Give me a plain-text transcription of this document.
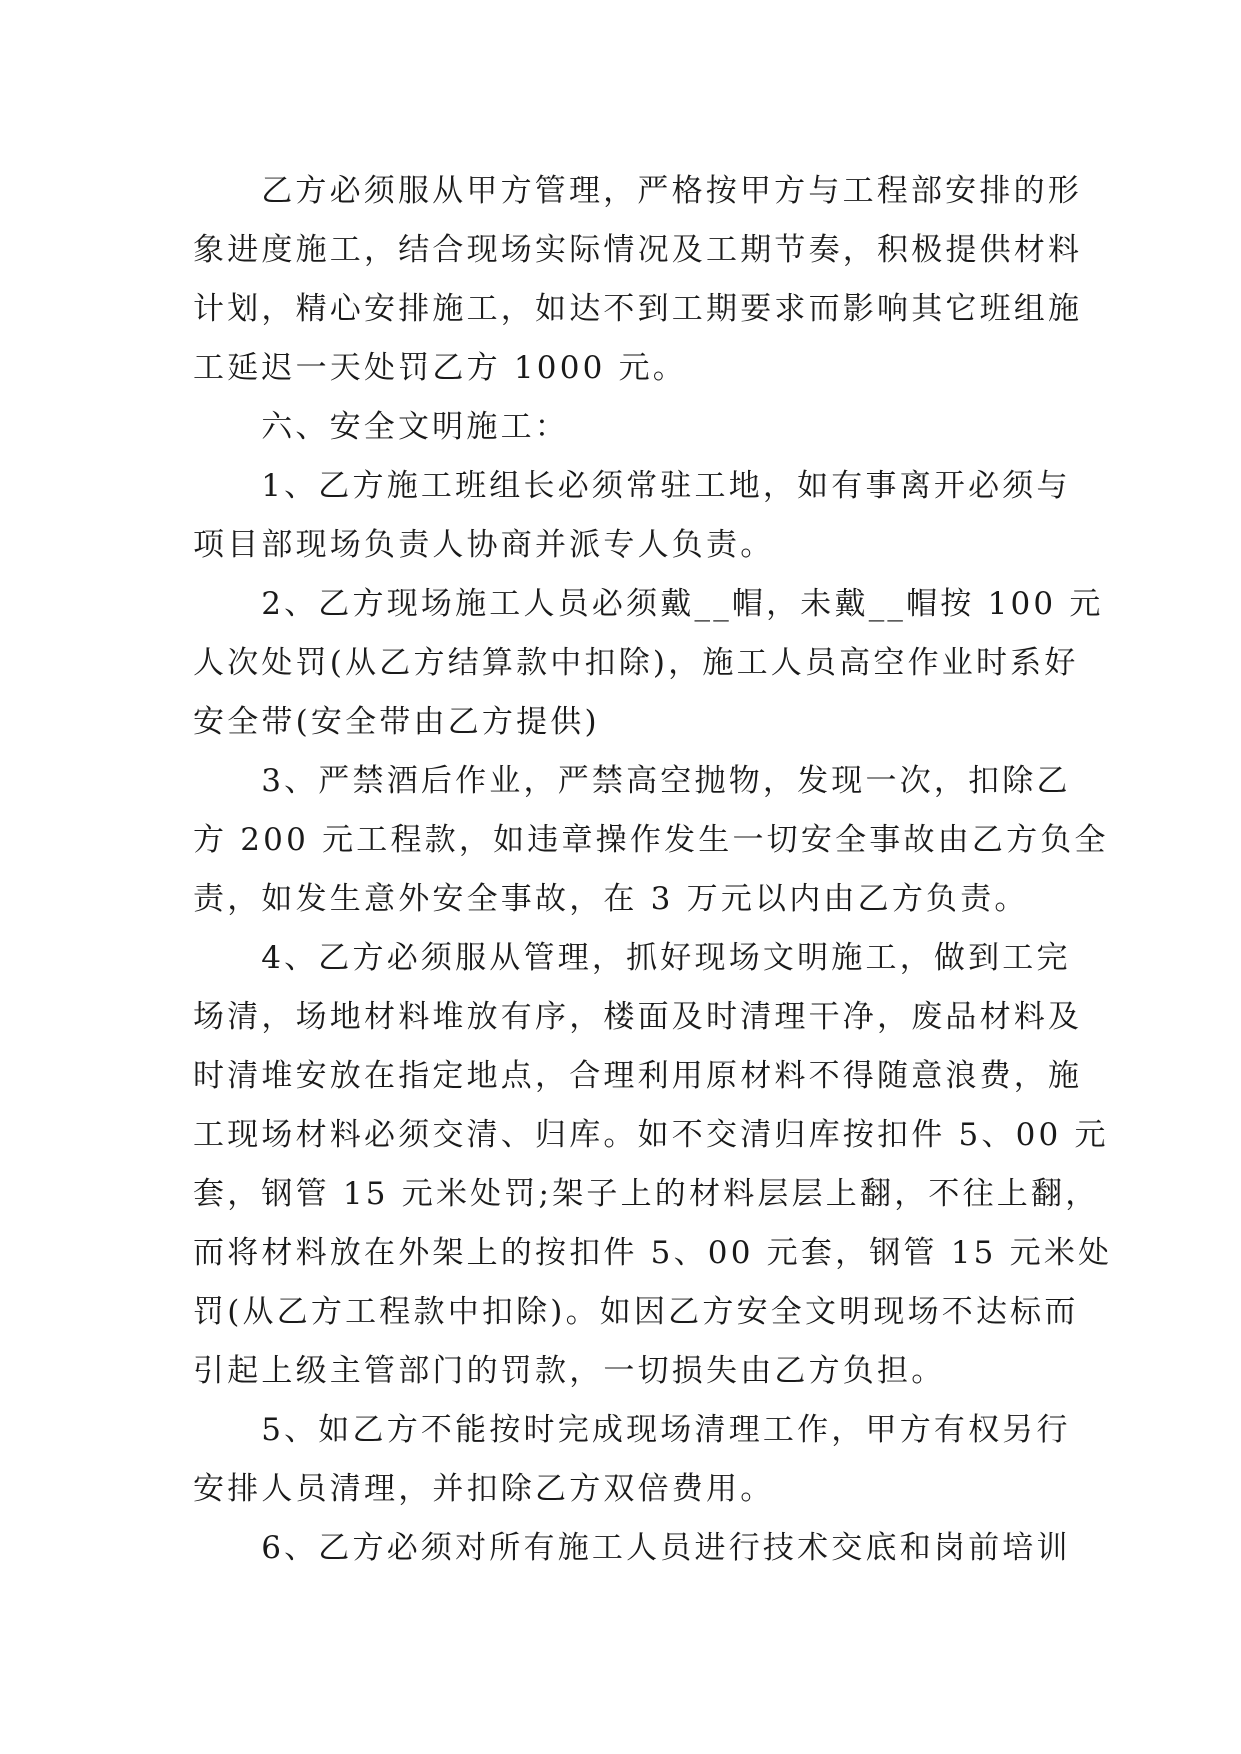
乙方必须服从甲方管理，严格按甲方与工程部安排的形
象进度施工，结合现场实际情况及工期节奏，积极提供材料
计划，精心安排施工，如达不到工期要求而影响其它班组施
工延迟一天处罚乙方 1000 元。
六、安全文明施工：
1、乙方施工班组长必须常驻工地，如有事离开必须与
项目部现场负责人协商并派专人负责。
2、乙方现场施工人员必须戴__帽，未戴__帽按 100 元
人次处罚(从乙方结算款中扣除)，施工人员高空作业时系好
安全带(安全带由乙方提供)
3、严禁酒后作业，严禁高空抛物，发现一次，扣除乙
方 200 元工程款，如违章操作发生一切安全事故由乙方负全
责，如发生意外安全事故，在 3 万元以内由乙方负责。
4、乙方必须服从管理，抓好现场文明施工，做到工完
场清，场地材料堆放有序，楼面及时清理干净，废品材料及
时清堆安放在指定地点，合理利用原材料不得随意浪费，施
工现场材料必须交清、归库。如不交清归库按扣件 5、00 元
套，钢管 15 元米处罚;架子上的材料层层上翻，不往上翻，
而将材料放在外架上的按扣件 5、00 元套，钢管 15 元米处
罚(从乙方工程款中扣除)。如因乙方安全文明现场不达标而
引起上级主管部门的罚款，一切损失由乙方负担。
5、如乙方不能按时完成现场清理工作，甲方有权另行
安排人员清理，并扣除乙方双倍费用。
6、乙方必须对所有施工人员进行技术交底和岗前培训
